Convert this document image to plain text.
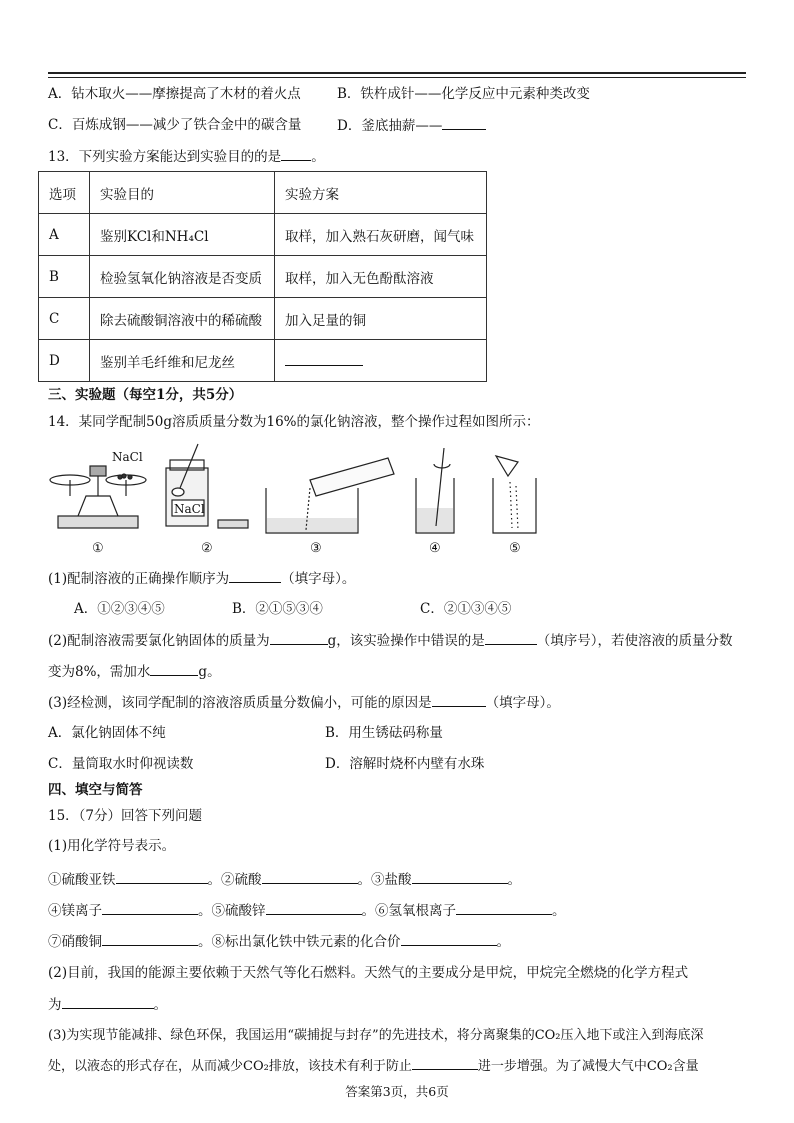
A．钻木取火——摩擦提高了木材的着火点	B．铁杵成针——化学反应中元素种类改变
C．百炼成钢——减少了铁合金中的碳含量	D．釜底抽薪——
13．下列实验方案能达到实验目的的是 。
选项	实验目的	实验方案
A	鉴别KCl和NH₄Cl	取样，加入熟石灰研磨，闻气味
B	检验氢氧化钠溶液是否变质	取样，加入无色酚酞溶液
C	除去硫酸铜溶液中的稀硫酸	加入足量的铜
D	鉴别羊毛纤维和尼龙丝	
三、实验题（每空1分，共5分）
14．某同学配制50g溶质质量分数为16%的氯化钠溶液，整个操作过程如图所示：
NaCl
NaCl
①	②	③	④	⑤
(1)配制溶液的正确操作顺序为	（填字母）。
A．①②③④⑤	B．②①⑤③④	C．②①③④⑤
(2)配制溶液需要氯化钠固体的质量为	g，该实验操作中错误的是	（填序号），若使溶液的质量分数
变为8%，需加水	g。
(3)经检测，该同学配制的溶液溶质质量分数偏小，可能的原因是	（填字母）。
A．氯化钠固体不纯	B．用生锈砝码称量
C．量筒取水时仰视读数	D．溶解时烧杯内壁有水珠
四、填空与简答
15．（7分）回答下列问题
(1)用化学符号表示。
①硫酸亚铁	。②硫酸	。③盐酸	。
④镁离子	。⑤硫酸锌	。⑥氢氧根离子	。
⑦硝酸铜	。⑧标出氯化铁中铁元素的化合价	。
(2)目前，我国的能源主要依赖于天然气等化石燃料。天然气的主要成分是甲烷，甲烷完全燃烧的化学方程式
为	。
(3)为实现节能减排、绿色环保，我国运用“碳捕捉与封存”的先进技术，将分离聚集的CO₂压入地下或注入到海底深
处，以液态的形式存在，从而减少CO₂排放，该技术有利于防止	进一步增强。为了减慢大气中CO₂含量
答案第3页，共6页
